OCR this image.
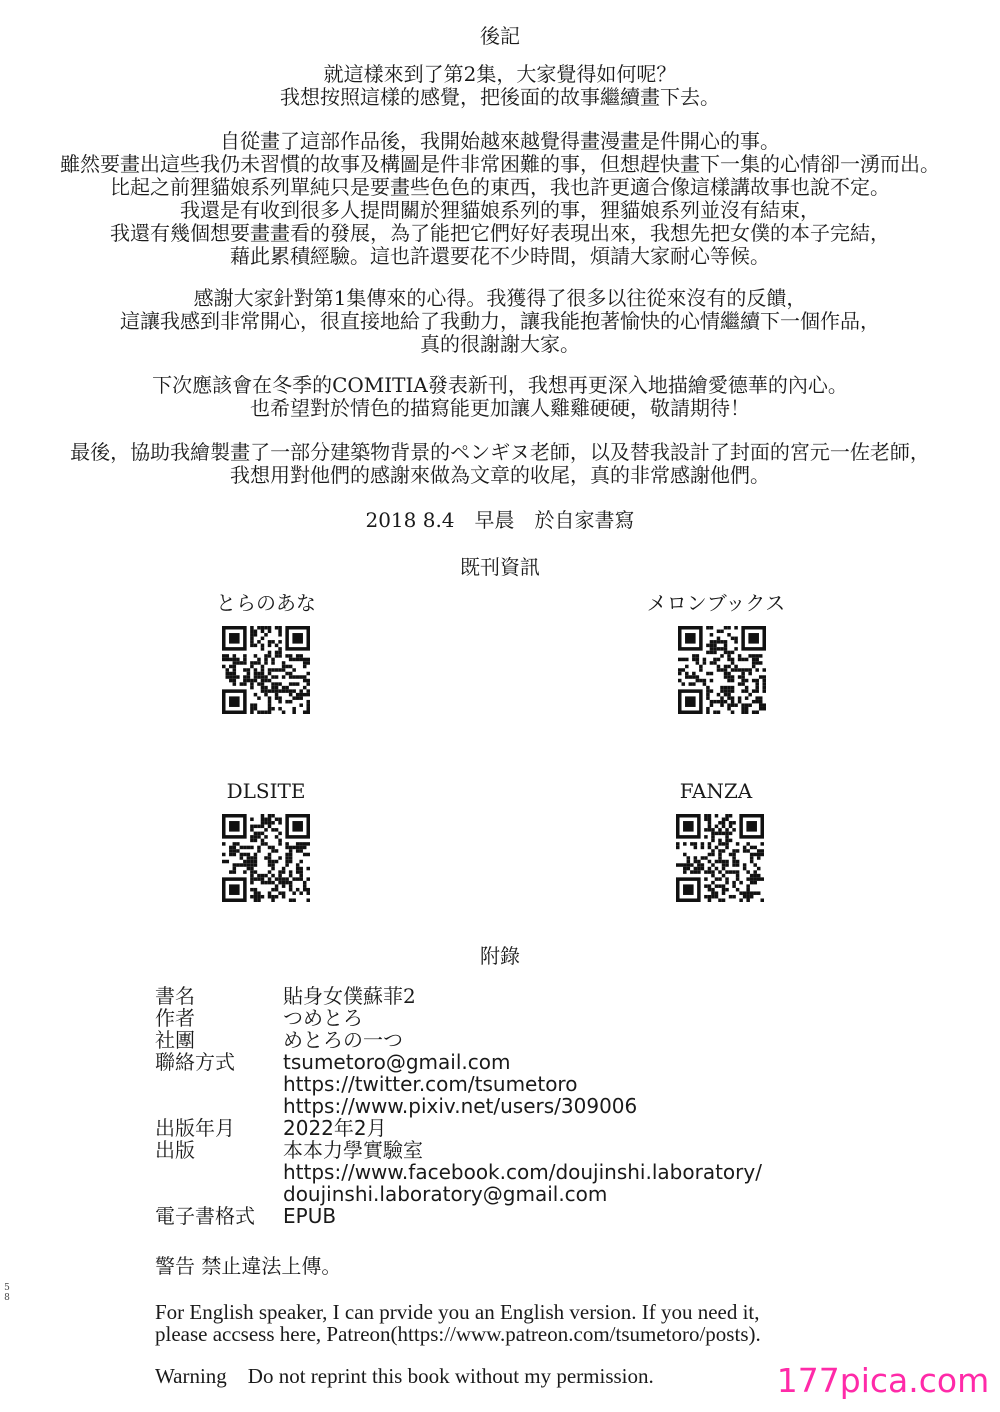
後記
就這樣來到了第2集，大家覺得如何呢？
我想按照這樣的感覺，把後面的故事繼續畫下去。
自從畫了這部作品後，我開始越來越覺得畫漫畫是件開心的事。
雖然要畫出這些我仍未習慣的故事及構圖是件非常困難的事，但想趕快畫下一集的心情卻一湧而出。
比起之前狸貓娘系列單純只是要畫些色色的東西，我也許更適合像這樣講故事也說不定。
我還是有收到很多人提問關於狸貓娘系列的事，狸貓娘系列並沒有結束，
我還有幾個想要畫畫看的發展，為了能把它們好好表現出來，我想先把女僕的本子完結，
藉此累積經驗。這也許還要花不少時間，煩請大家耐心等候。
感謝大家針對第1集傳來的心得。我獲得了很多以往從來沒有的反饋，
這讓我感到非常開心，很直接地給了我動力，讓我能抱著愉快的心情繼續下一個作品，
真的很謝謝大家。
下次應該會在冬季的COMITIA發表新刊，我想再更深入地描繪愛德華的內心。
也希望對於情色的描寫能更加讓人雞雞硬硬，敬請期待！
最後，協助我繪製畫了一部分建築物背景的ペンギヌ老師，以及替我設計了封面的宮元一佐老師，
我想用對他們的感謝來做為文章的收尾，真的非常感謝他們。
2018 8.4　早晨　於自家書寫
既刊資訊
とらのあな	メロンブックス
DLSITE	FANZA
附錄
書名	貼身女僕蘇菲2
作者	つめとろ
社團	めとろの一つ
聯絡方式 tsumetoro@gmail.com
https://twitter.com/tsumetoro
https://www.pixiv.net/users/309006
出版年月 2022年2月
出版	本本力學實驗室
https://www.facebook.com/doujinshi.laboratory/
doujinshi.laboratory@gmail.com
電子書格式 EPUB
警告 禁止違法上傳。
For English speaker, I can prvide you an English version. If you need it,
please accsess here, Patreon(https://www.patreon.com/tsumetoro/posts).
Warning　Do not reprint this book without my permission.
58
177pica.com
